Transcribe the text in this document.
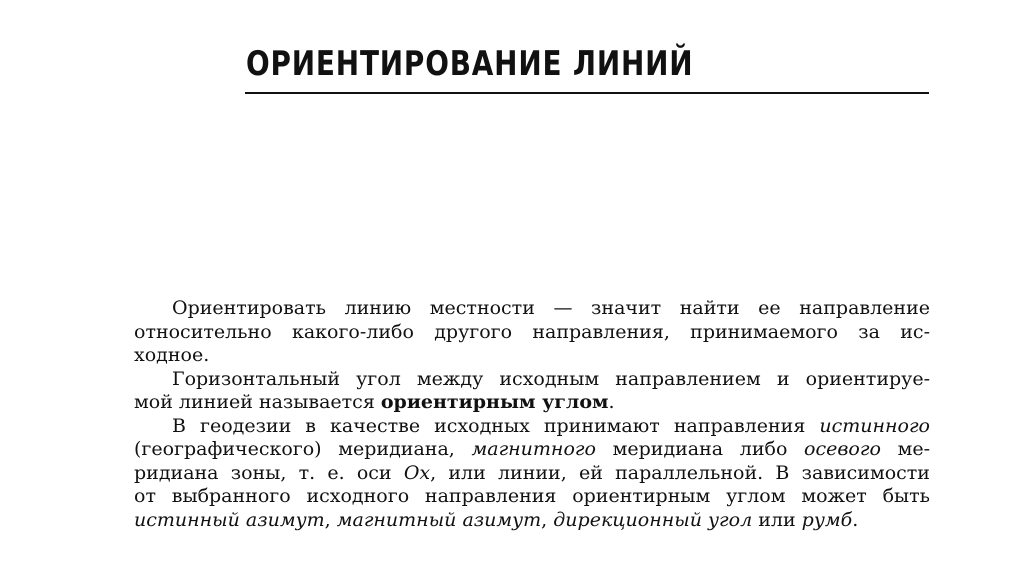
ОРИЕНТИРОВАНИЕ ЛИНИЙ
Ориентировать линию местности — значит найти ее направление
относительно какого-либо другого направления, принимаемого за ис-
ходное.
Горизонтальный угол между исходным направлением и ориентируе-
мой линией называется ориентирным углом.
В геодезии в качестве исходных принимают направления истинного
(географического) меридиана, магнитного меридиана либо осевого ме-
ридиана зоны, т. е. оси Ox, или линии, ей параллельной. В зависимости
от выбранного исходного направления ориентирным углом может быть
истинный азимут, магнитный азимут, дирекционный угол или румб.
